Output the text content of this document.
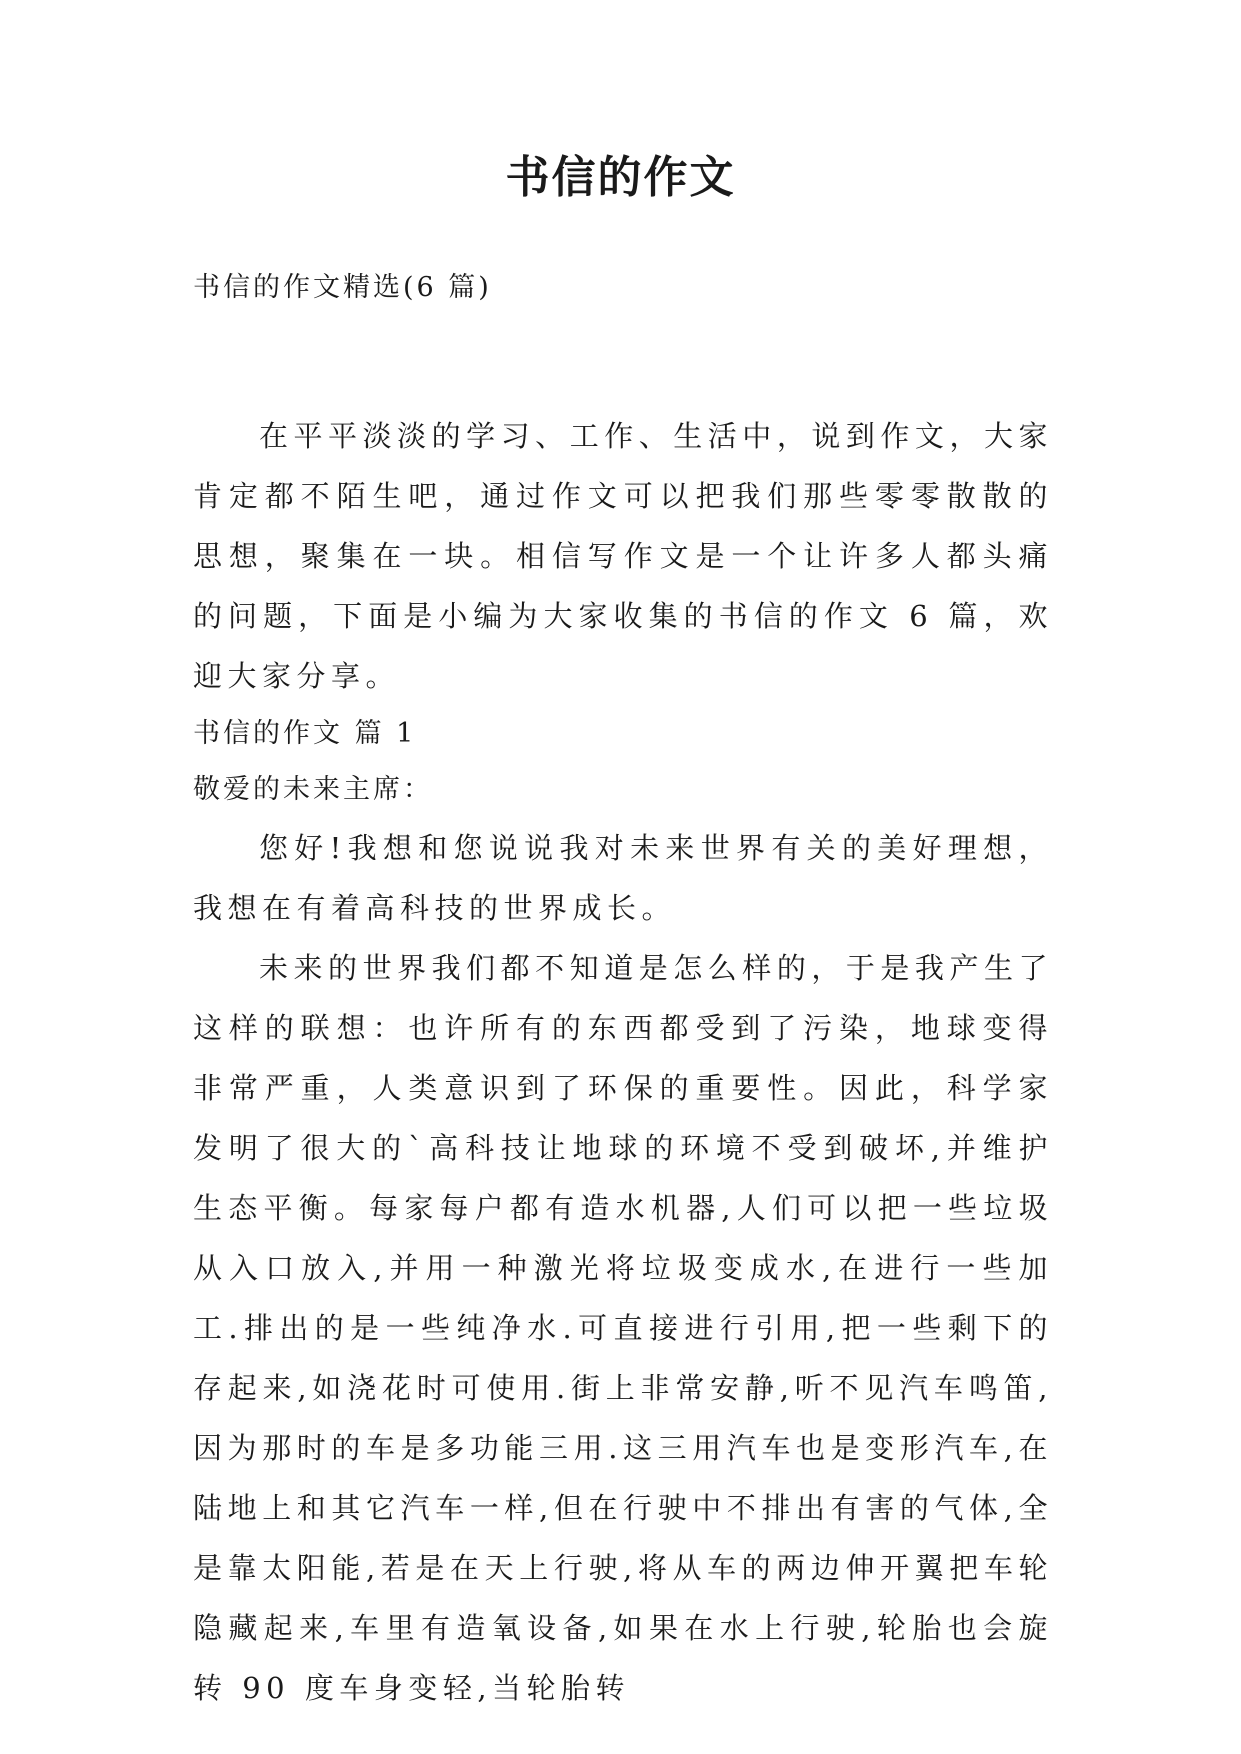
书信的作文

书信的作文精选(6 篇)

在平平淡淡的学习、工作、生活中，说到作文，大家肯定都不陌生吧，通过作文可以把我们那些零零散散的思想，聚集在一块。相信写作文是一个让许多人都头痛的问题，下面是小编为大家收集的书信的作文 6 篇，欢迎大家分享。

书信的作文 篇 1

敬爱的未来主席：

您好!我想和您说说我对未来世界有关的美好理想，我想在有着高科技的世界成长。

未来的世界我们都不知道是怎么样的，于是我产生了这样的联想：也许所有的东西都受到了污染，地球变得非常严重，人类意识到了环保的重要性。因此，科学家发明了很大的`高科技让地球的环境不受到破坏,并维护生态平衡。每家每户都有造水机器,人们可以把一些垃圾从入口放入,并用一种激光将垃圾变成水,在进行一些加工.排出的是一些纯净水.可直接进行引用,把一些剩下的存起来,如浇花时可使用.街上非常安静,听不见汽车鸣笛,因为那时的车是多功能三用.这三用汽车也是变形汽车,在陆地上和其它汽车一样,但在行驶中不排出有害的气体,全是靠太阳能,若是在天上行驶,将从车的两边伸开翼把车轮隐藏起来,车里有造氧设备,如果在水上行驶,轮胎也会旋转 90 度车身变轻,当轮胎转
